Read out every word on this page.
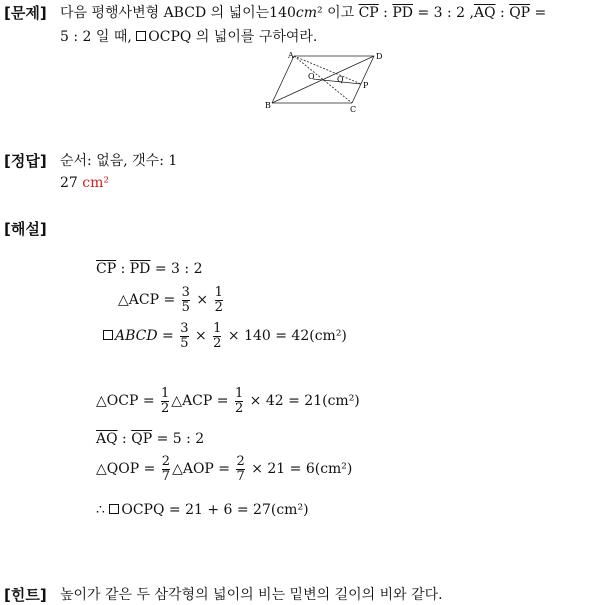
[문제] 다음 평행사변형 ABCD 의 넓이는140cm² 이고 $\overline{CP}$ : $\overline{PD} = 3$ : 2 $,\overline{AQ}$ : $\overline{QP}$ =
5 : 2 일 때, OCPQ 의 넓이를 구하여라.
A
B	C
D
O	Q
P
[정답] 순서: 없음, 갯수: 1
27 cm²
[해설]
$\overline{CP}$ : $\overline{PD} = 3$ : 2
△ACP = $\frac{3}{5} \times \frac{1}{2}$
ABCD = $\frac{3}{5} \times \frac{1}{2} \times 140 = 42(cm^2)$
△OCP = $\frac{1}{2}$ △ACP = $\frac{1}{2} \times 42 = 21(cm^2)$
$\overline{AQ}$ : $\overline{QP} = 5$ : 2
△QOP = $\frac{2}{7}$ △AOP = $\frac{2}{7} \times 21 = 6(cm^2)$
∴ OCPQ = 21 + 6 = 27(cm²)
[힌트] 높이가 같은 두 삼각형의 넓이의 비는 밑변의 길이의 비와 같다.
